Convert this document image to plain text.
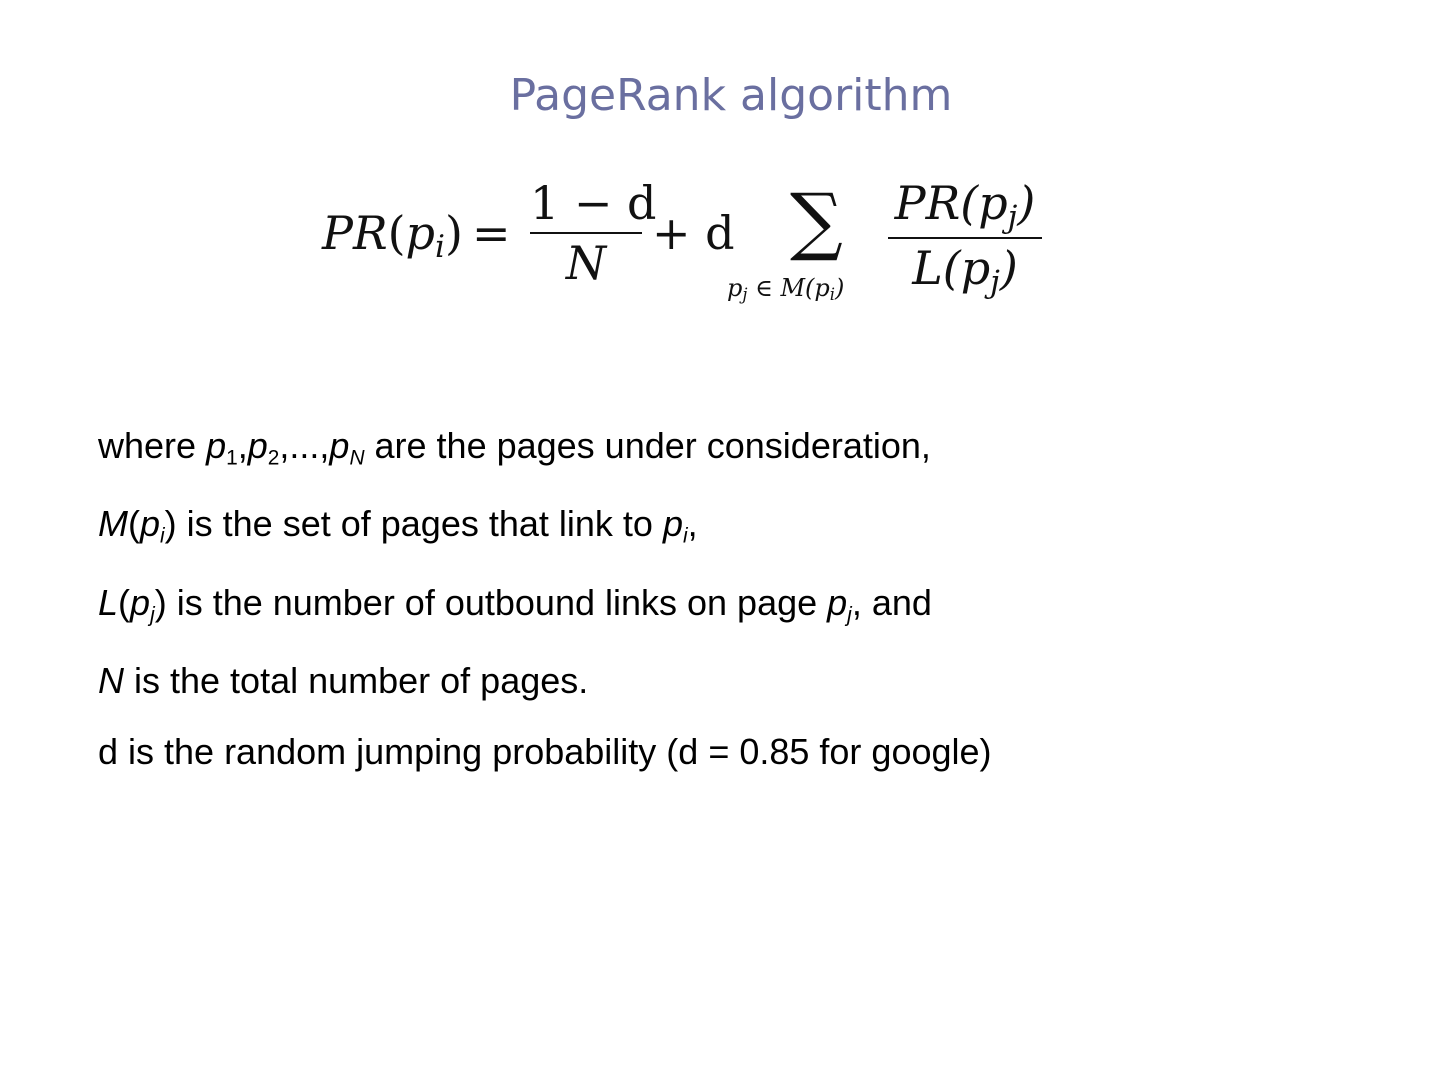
PageRank algorithm
PR(pi) =
1 − d
N
+ d ∑
pj ∈ M(pi)
PR(pj)
L(pj)
where $p_1,p_2,...,p_N$ are the pages under consideration,
$M(p_i)$ is the set of pages that link to $p_i$,
$L(p_j)$ is the number of outbound links on page $p_j$, and
N is the total number of pages.
d is the random jumping probability (d = 0.85 for google)
